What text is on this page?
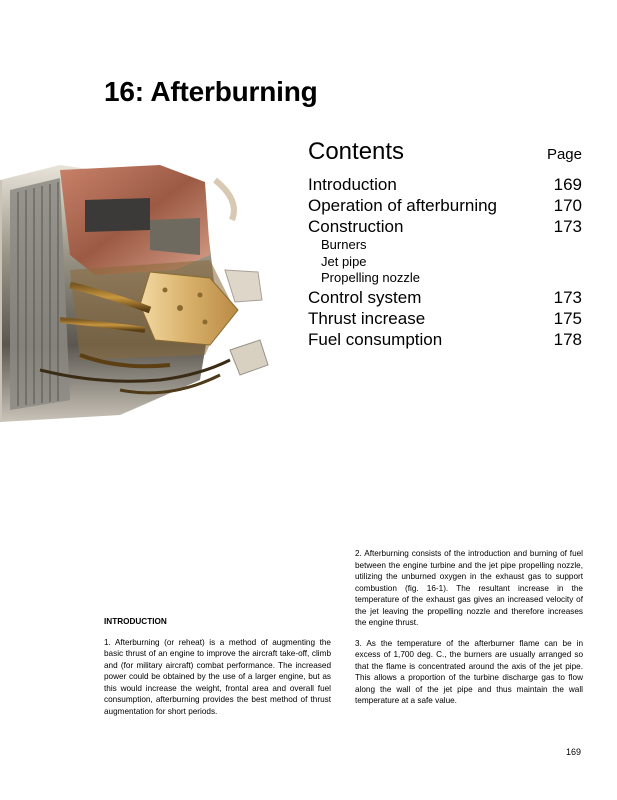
16: Afterburning
Contents	Page
Introduction	169
Operation of afterburning	170
Construction	173
Burners
Jet pipe
Propelling nozzle
Control system	173
Thrust increase	175
Fuel consumption	178

INTRODUCTION

1. Afterburning (or reheat) is a method of augmenting the basic thrust of an engine to improve the aircraft take-off, climb and (for military aircraft) combat performance. The increased power could be obtained by the use of a larger engine, but as this would increase the weight, frontal area and overall fuel consumption, afterburning provides the best method of thrust augmentation for short periods.

2. Afterburning consists of the introduction and burning of fuel between the engine turbine and the jet pipe propelling nozzle, utilizing the unburned oxygen in the exhaust gas to support combustion (fig. 16-1). The resultant increase in the temperature of the exhaust gas gives an increased velocity of the jet leaving the propelling nozzle and therefore increases the engine thrust.

3. As the temperature of the afterburner flame can be in excess of 1,700 deg. C., the burners are usually arranged so that the flame is concentrated around the axis of the jet pipe. This allows a proportion of the turbine discharge gas to flow along the wall of the jet pipe and thus maintain the wall temperature at a safe value.

169
